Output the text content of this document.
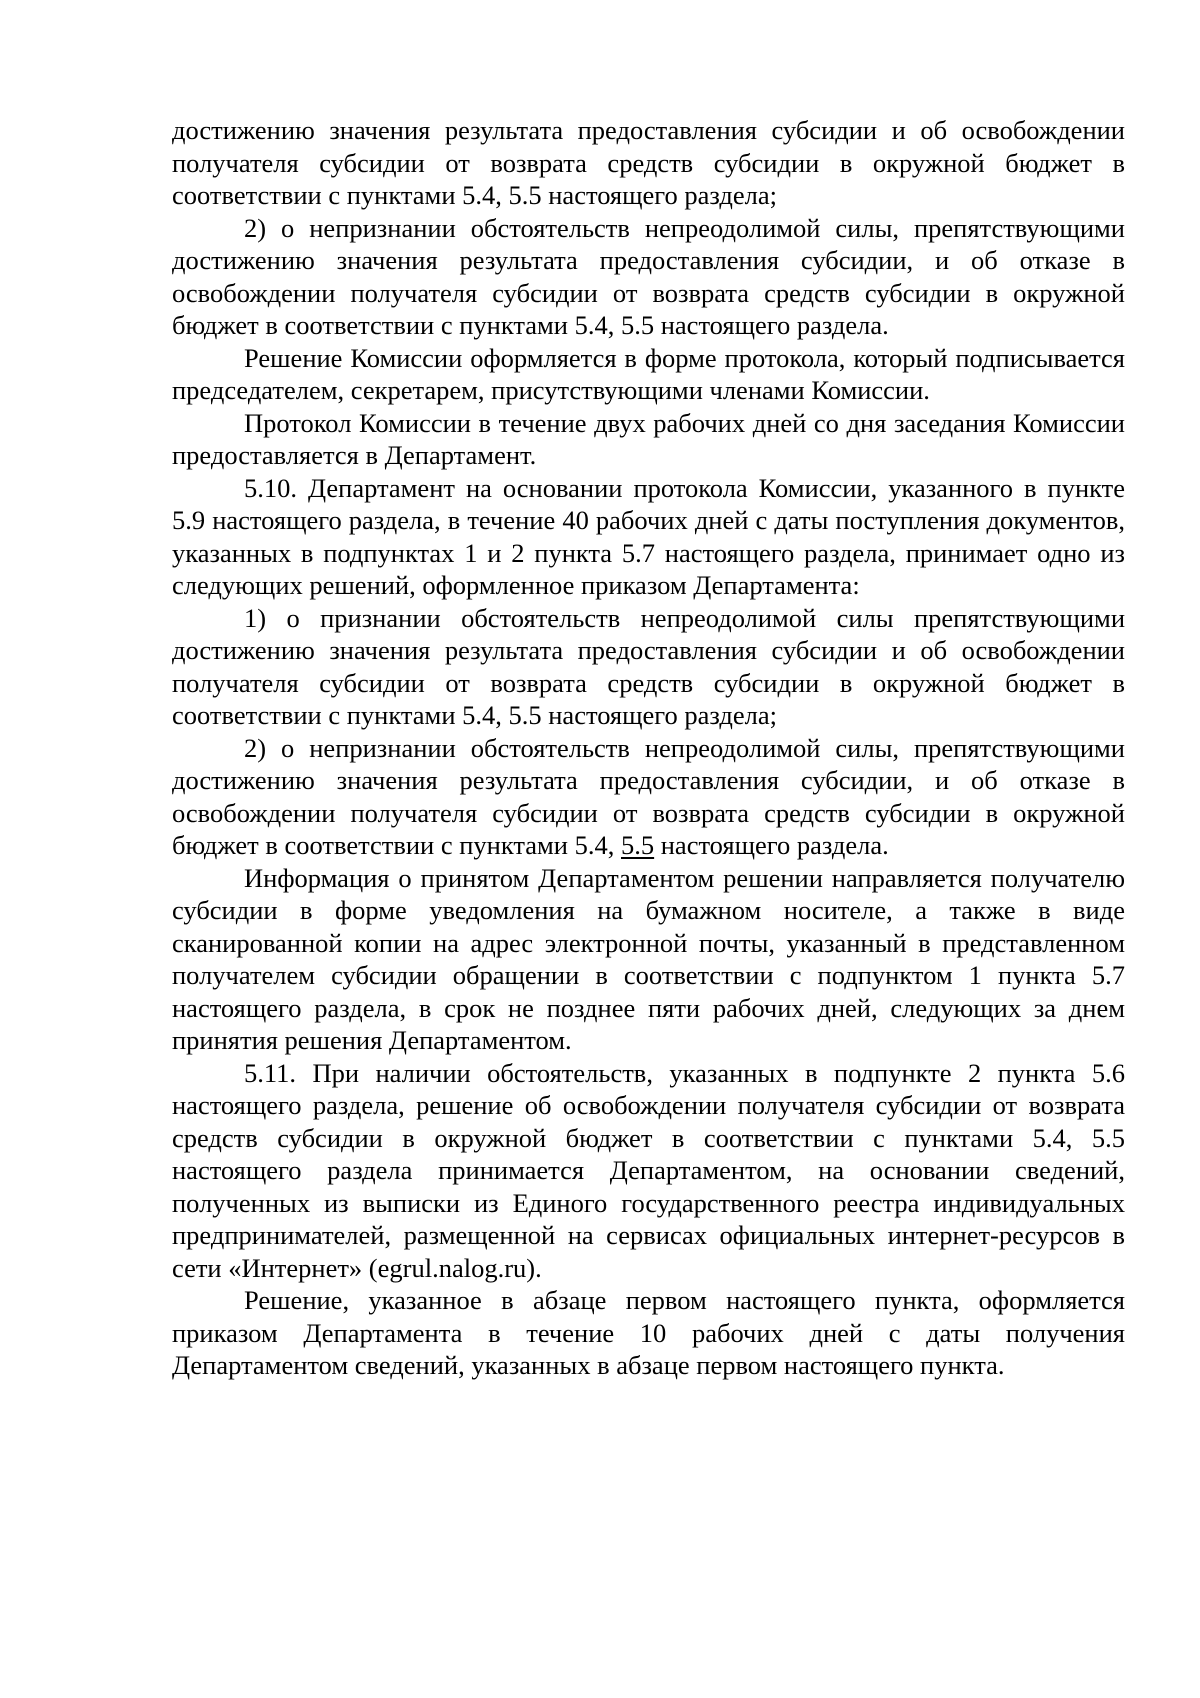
достижению значения результата предоставления субсидии и об освобождении получателя субсидии от возврата средств субсидии в окружной бюджет в соответствии с пунктами 5.4, 5.5 настоящего раздела;

2) о непризнании обстоятельств непреодолимой силы, препятствующими достижению значения результата предоставления субсидии, и об отказе в освобождении получателя субсидии от возврата средств субсидии в окружной бюджет в соответствии с пунктами 5.4, 5.5 настоящего раздела.

Решение Комиссии оформляется в форме протокола, который подписывается председателем, секретарем, присутствующими членами Комиссии.

Протокол Комиссии в течение двух рабочих дней со дня заседания Комиссии предоставляется в Департамент.

5.10. Департамент на основании протокола Комиссии, указанного в пункте 5.9 настоящего раздела, в течение 40 рабочих дней с даты поступления документов, указанных в подпунктах 1 и 2 пункта 5.7 настоящего раздела, принимает одно из следующих решений, оформленное приказом Департамента:

1) о признании обстоятельств непреодолимой силы препятствующими достижению значения результата предоставления субсидии и об освобождении получателя субсидии от возврата средств субсидии в окружной бюджет в соответствии с пунктами 5.4, 5.5 настоящего раздела;

2) о непризнании обстоятельств непреодолимой силы, препятствующими достижению значения результата предоставления субсидии, и об отказе в освобождении получателя субсидии от возврата средств субсидии в окружной бюджет в соответствии с пунктами 5.4, 5.5 настоящего раздела.

Информация о принятом Департаментом решении направляется получателю субсидии в форме уведомления на бумажном носителе, а также в виде сканированной копии на адрес электронной почты, указанный в представленном получателем субсидии обращении в соответствии с подпунктом 1 пункта 5.7 настоящего раздела, в срок не позднее пяти рабочих дней, следующих за днем принятия решения Департаментом.

5.11. При наличии обстоятельств, указанных в подпункте 2 пункта 5.6 настоящего раздела, решение об освобождении получателя субсидии от возврата средств субсидии в окружной бюджет в соответствии с пунктами 5.4, 5.5 настоящего раздела принимается Департаментом, на основании сведений, полученных из выписки из Единого государственного реестра индивидуальных предпринимателей, размещенной на сервисах официальных интернет-ресурсов в сети «Интернет» (egrul.nalog.ru).

Решение, указанное в абзаце первом настоящего пункта, оформляется приказом Департамента в течение 10 рабочих дней с даты получения Департаментом сведений, указанных в абзаце первом настоящего пункта.
